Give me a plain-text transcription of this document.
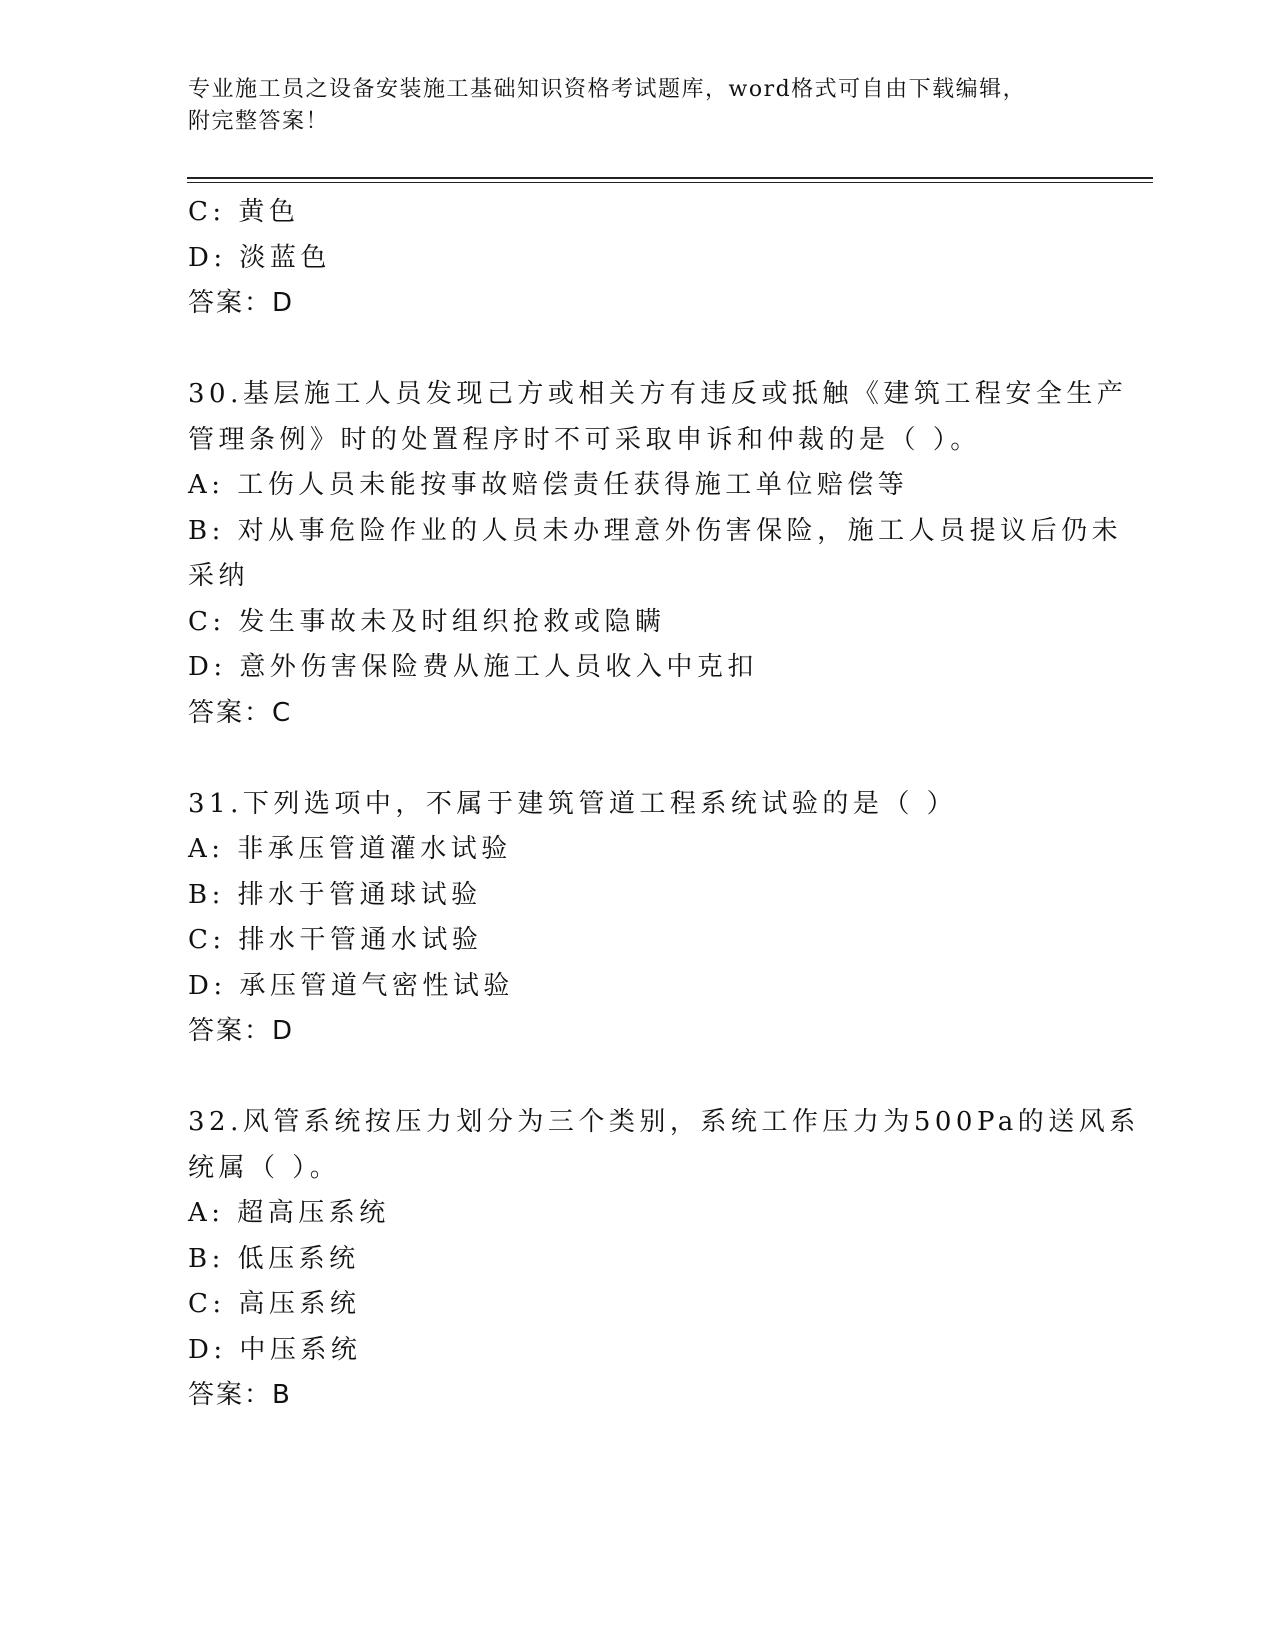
专业施工员之设备安装施工基础知识资格考试题库，word格式可自由下载编辑，
附完整答案！
C: 黄色
D: 淡蓝色
答案：D
30.基层施工人员发现己方或相关方有违反或抵触《建筑工程安全生产
管理条例》时的处置程序时不可采取申诉和仲裁的是（ ）。
A: 工伤人员未能按事故赔偿责任获得施工单位赔偿等
B: 对从事危险作业的人员未办理意外伤害保险，施工人员提议后仍未
采纳
C: 发生事故未及时组织抢救或隐瞒
D: 意外伤害保险费从施工人员收入中克扣
答案：C
31.下列选项中，不属于建筑管道工程系统试验的是（ ）
A: 非承压管道灌水试验
B: 排水于管通球试验
C: 排水干管通水试验
D: 承压管道气密性试验
答案：D
32.风管系统按压力划分为三个类别，系统工作压力为500Pa的送风系
统属（ ）。
A: 超高压系统
B: 低压系统
C: 高压系统
D: 中压系统
答案：B
